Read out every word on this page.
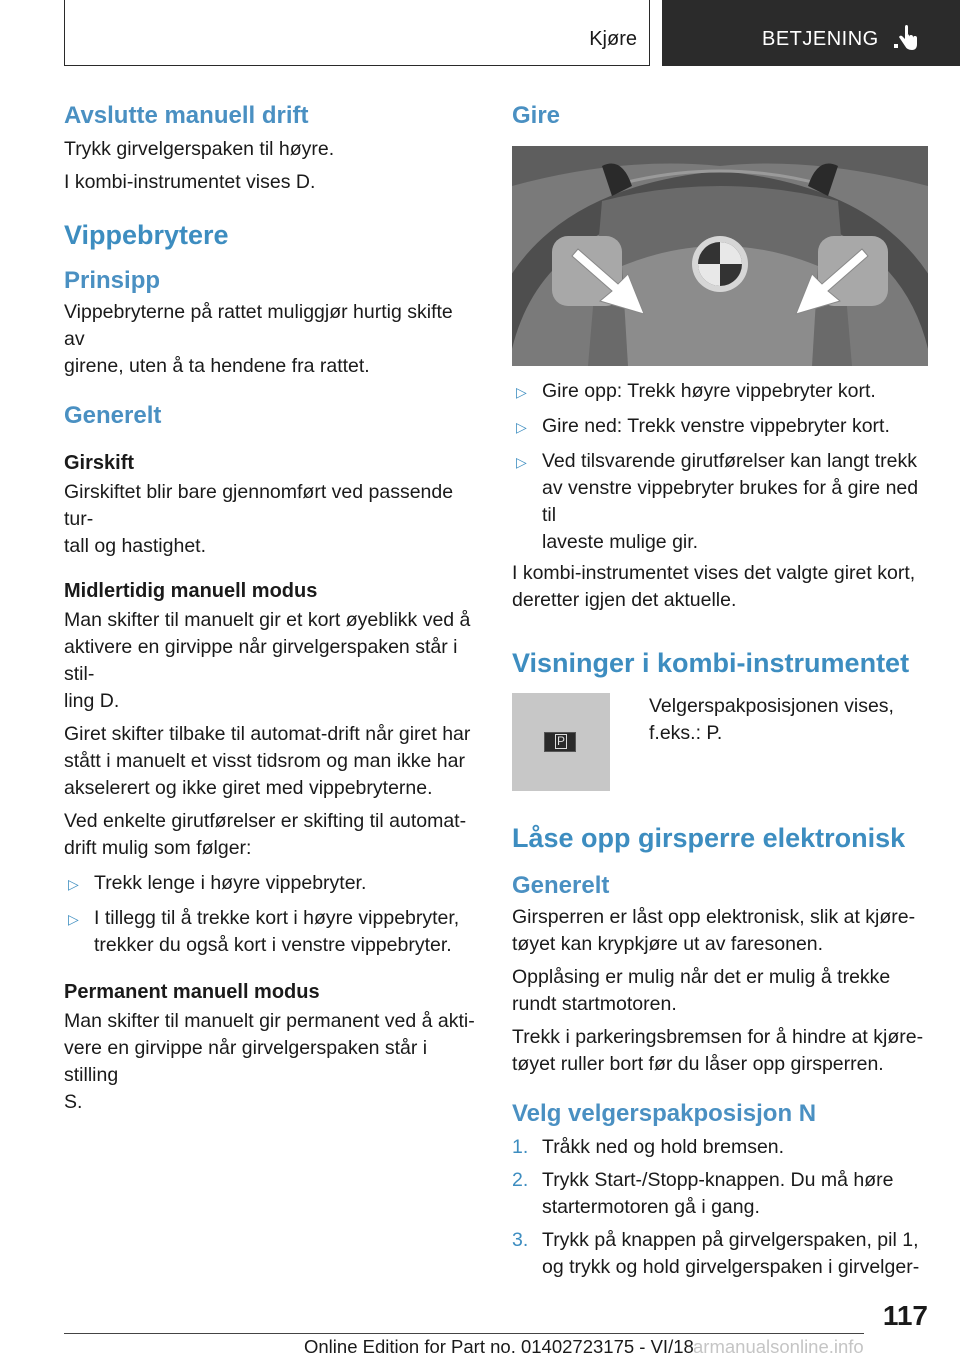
Kjøre	BETJENING
Avslutte manuell drift
Trykk girvelgerspaken til høyre.
I kombi-instrumentet vises D.
Vippebrytere
Prinsipp
Vippebryterne på rattet muliggjør hurtig skifte av
girene, uten å ta hendene fra rattet.
Generelt
Girskift
Girskiftet blir bare gjennomført ved passende tur-
tall og hastighet.
Midlertidig manuell modus
Man skifter til manuelt gir et kort øyeblikk ved å
aktivere en girvippe når girvelgerspaken står i stil-
ling D.
Giret skifter tilbake til automat-drift når giret har
stått i manuelt et visst tidsrom og man ikke har
akselerert og ikke giret med vippebryterne.
Ved enkelte girutførelser er skifting til automat-
drift mulig som følger:
▷ Trekk lenge i høyre vippebryter.
▷ I tillegg til å trekke kort i høyre vippebryter,
trekker du også kort i venstre vippebryter.
Permanent manuell modus
Man skifter til manuelt gir permanent ved å akti-
vere en girvippe når girvelgerspaken står i stilling
S.
Gire
▷ Gire opp: Trekk høyre vippebryter kort.
▷ Gire ned: Trekk venstre vippebryter kort.
▷ Ved tilsvarende girutførelser kan langt trekk
av venstre vippebryter brukes for å gire ned til
laveste mulige gir.
I kombi-instrumentet vises det valgte giret kort,
deretter igjen det aktuelle.
Visninger i kombi-instrumentet
P
Velgerspakposisjonen vises,
f.eks.: P.
Låse opp girsperre elektronisk
Generelt
Girsperren er låst opp elektronisk, slik at kjøre-
tøyet kan krypkjøre ut av faresonen.
Opplåsing er mulig når det er mulig å trekke
rundt startmotoren.
Trekk i parkeringsbremsen for å hindre at kjøre-
tøyet ruller bort før du låser opp girsperren.
Velg velgerspakposisjon N
1. Tråkk ned og hold bremsen.
2. Trykk Start-/Stopp-knappen. Du må høre
startermotoren gå i gang.
3. Trykk på knappen på girvelgerspaken, pil 1,
og trykk og hold girvelgerspaken i girvelger-
117
Online Edition for Part no. 01402723175 - VI/18 armanualsonline.info
